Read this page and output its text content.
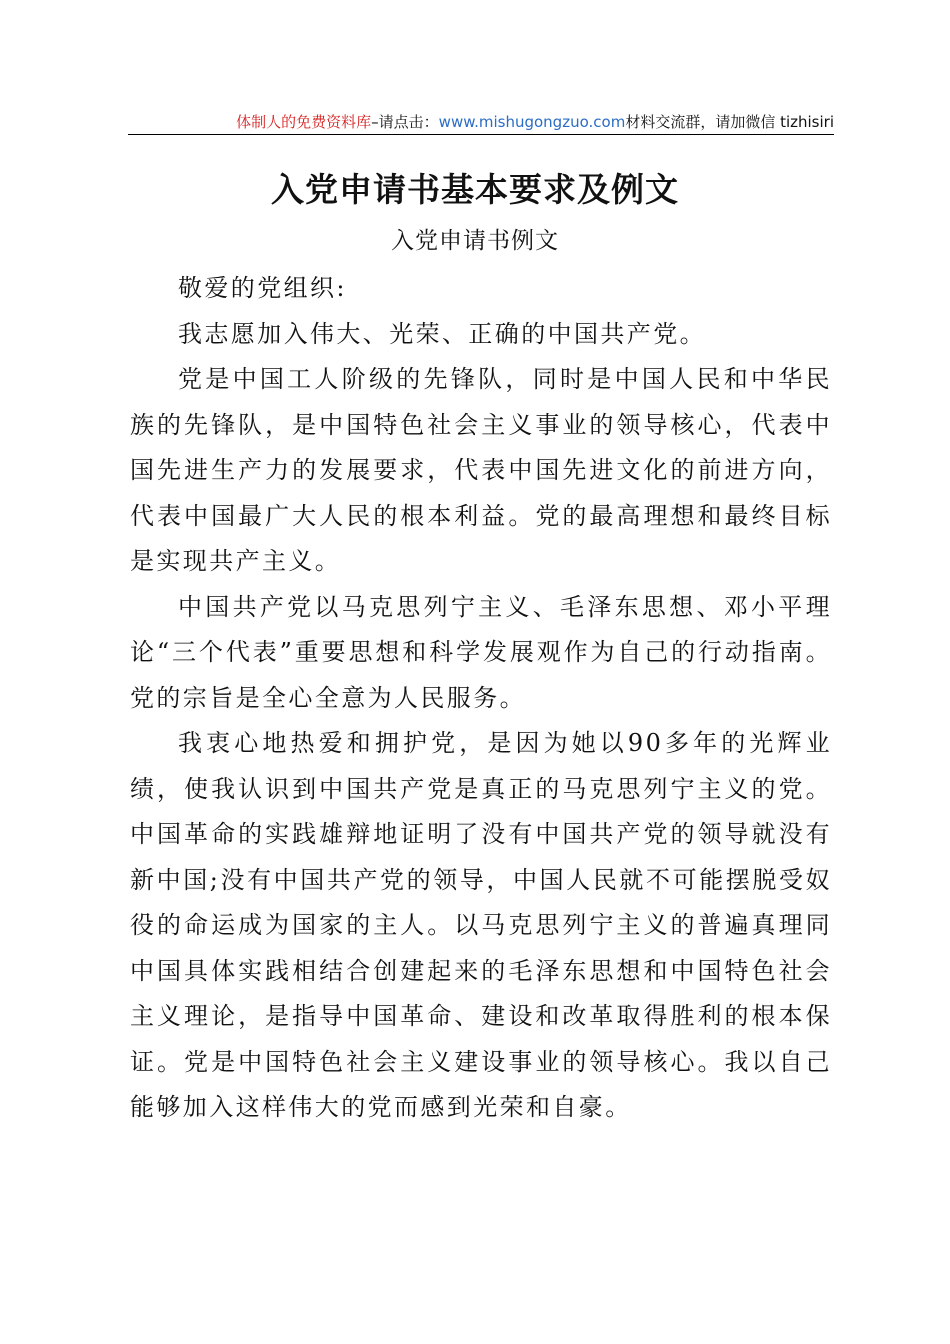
体制人的免费资料库–请点击：www.mishugongzuo.com材料交流群，请加微信 tizhisiri
入党申请书基本要求及例文
入党申请书例文

敬爱的党组织:

我志愿加入伟大、光荣、正确的中国共产党。

党是中国工人阶级的先锋队，同时是中国人民和中华民族的先锋队，是中国特色社会主义事业的领导核心，代表中国先进生产力的发展要求，代表中国先进文化的前进方向，代表中国最广大人民的根本利益。党的最高理想和最终目标是实现共产主义。

中国共产党以马克思列宁主义、毛泽东思想、邓小平理论“三个代表”重要思想和科学发展观作为自己的行动指南。党的宗旨是全心全意为人民服务。

我衷心地热爱和拥护党，是因为她以90多年的光辉业绩，使我认识到中国共产党是真正的马克思列宁主义的党。中国革命的实践雄辩地证明了没有中国共产党的领导就没有新中国;没有中国共产党的领导，中国人民就不可能摆脱受奴役的命运成为国家的主人。以马克思列宁主义的普遍真理同中国具体实践相结合创建起来的毛泽东思想和中国特色社会主义理论，是指导中国革命、建设和改革取得胜利的根本保证。党是中国特色社会主义建设事业的领导核心。我以自己能够加入这样伟大的党而感到光荣和自豪。
